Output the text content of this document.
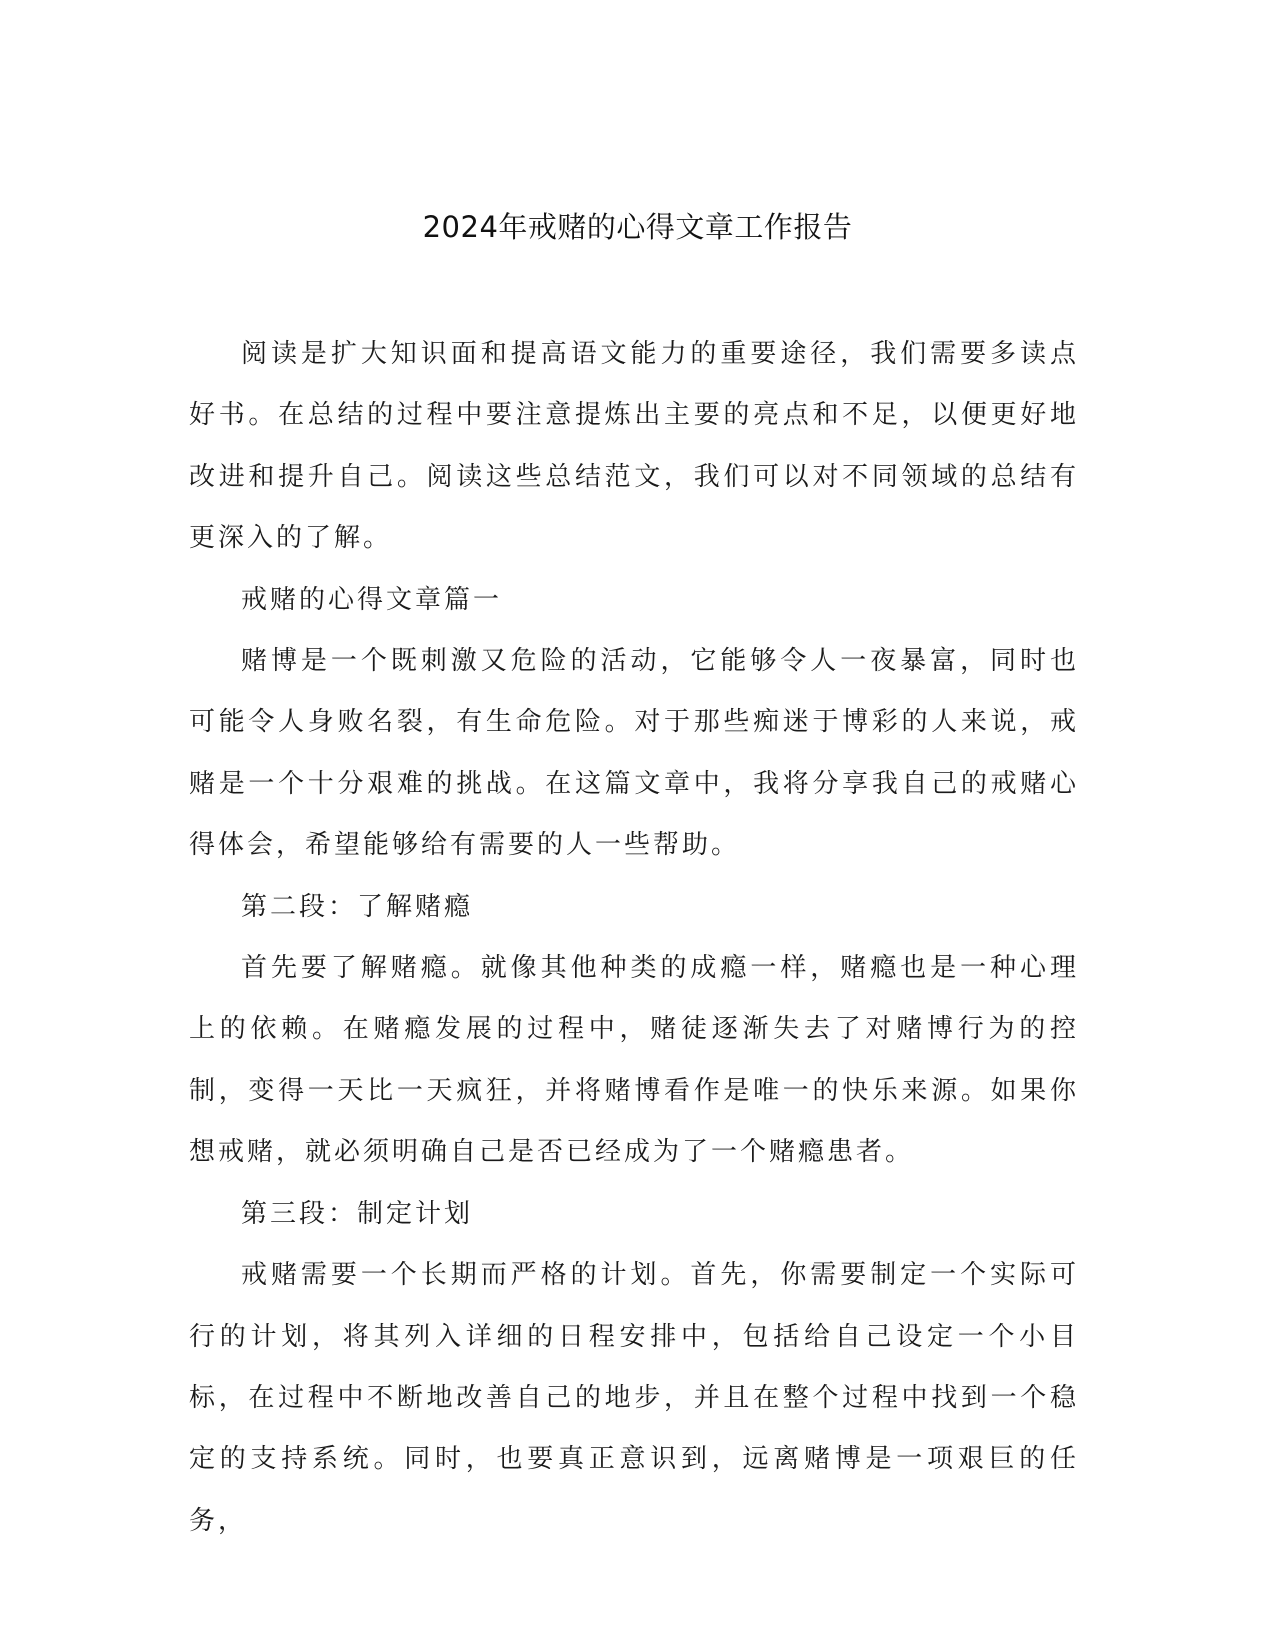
2024年戒赌的心得文章工作报告

阅读是扩大知识面和提高语文能力的重要途径，我们需要多读点好书。在总结的过程中要注意提炼出主要的亮点和不足，以便更好地改进和提升自己。阅读这些总结范文，我们可以对不同领域的总结有更深入的了解。

戒赌的心得文章篇一

赌博是一个既刺激又危险的活动，它能够令人一夜暴富，同时也可能令人身败名裂，有生命危险。对于那些痴迷于博彩的人来说，戒赌是一个十分艰难的挑战。在这篇文章中，我将分享我自己的戒赌心得体会，希望能够给有需要的人一些帮助。

第二段：了解赌瘾

首先要了解赌瘾。就像其他种类的成瘾一样，赌瘾也是一种心理上的依赖。在赌瘾发展的过程中，赌徒逐渐失去了对赌博行为的控制，变得一天比一天疯狂，并将赌博看作是唯一的快乐来源。如果你想戒赌，就必须明确自己是否已经成为了一个赌瘾患者。

第三段：制定计划

戒赌需要一个长期而严格的计划。首先，你需要制定一个实际可行的计划，将其列入详细的日程安排中，包括给自己设定一个小目标，在过程中不断地改善自己的地步，并且在整个过程中找到一个稳定的支持系统。同时，也要真正意识到，远离赌博是一项艰巨的任务，
